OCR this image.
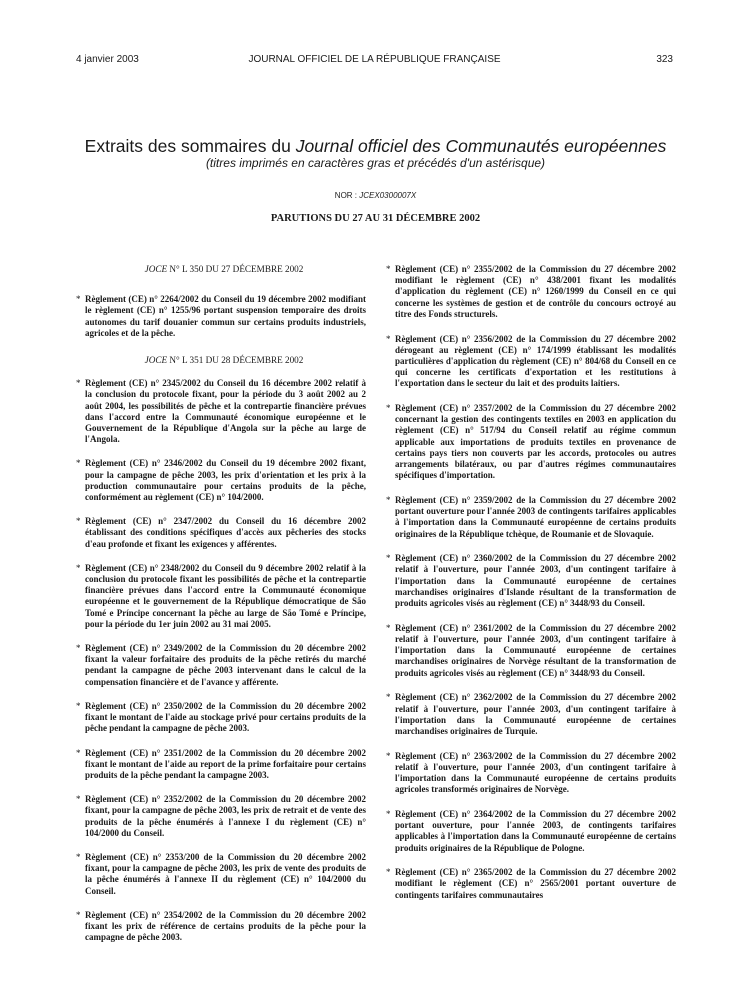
4 janvier 2003	JOURNAL OFFICIEL DE LA RÉPUBLIQUE FRANÇAISE	323
Extraits des sommaires du Journal officiel des Communautés européennes
(titres imprimés en caractères gras et précédés d'un astérisque)
NOR : JCEX0300007X
PARUTIONS DU 27 AU 31 DÉCEMBRE 2002
JOCE N° L 350 DU 27 DÉCEMBRE 2002
* Règlement (CE) n° 2264/2002 du Conseil du 19 décembre 2002 modifiant le règlement (CE) n° 1255/96 portant suspension temporaire des droits autonomes du tarif douanier commun sur certains produits industriels, agricoles et de la pêche.
JOCE N° L 351 DU 28 DÉCEMBRE 2002
* Règlement (CE) n° 2345/2002 du Conseil du 16 décembre 2002 relatif à la conclusion du protocole fixant, pour la période du 3 août 2002 au 2 août 2004, les possibilités de pêche et la contrepartie financière prévues dans l'accord entre la Communauté économique européenne et le Gouvernement de la République d'Angola sur la pêche au large de l'Angola.
* Règlement (CE) n° 2346/2002 du Conseil du 19 décembre 2002 fixant, pour la campagne de pêche 2003, les prix d'orientation et les prix à la production communautaire pour certains produits de la pêche, conformément au règlement (CE) n° 104/2000.
* Règlement (CE) n° 2347/2002 du Conseil du 16 décembre 2002 établissant des conditions spécifiques d'accès aux pêcheries des stocks d'eau profonde et fixant les exigences y afférentes.
* Règlement (CE) n° 2348/2002 du Conseil du 9 décembre 2002 relatif à la conclusion du protocole fixant les possibilités de pêche et la contrepartie financière prévues dans l'accord entre la Communauté économique européenne et le gouvernement de la République démocratique de São Tomé e Príncipe concernant la pêche au large de São Tomé e Príncipe, pour la période du 1er juin 2002 au 31 mai 2005.
* Règlement (CE) n° 2349/2002 de la Commission du 20 décembre 2002 fixant la valeur forfaitaire des produits de la pêche retirés du marché pendant la campagne de pêche 2003 intervenant dans le calcul de la compensation financière et de l'avance y afférente.
* Règlement (CE) n° 2350/2002 de la Commission du 20 décembre 2002 fixant le montant de l'aide au stockage privé pour certains produits de la pêche pendant la campagne de pêche 2003.
* Règlement (CE) n° 2351/2002 de la Commission du 20 décembre 2002 fixant le montant de l'aide au report de la prime forfaitaire pour certains produits de la pêche pendant la campagne 2003.
* Règlement (CE) n° 2352/2002 de la Commission du 20 décembre 2002 fixant, pour la campagne de pêche 2003, les prix de retrait et de vente des produits de la pêche énumérés à l'annexe I du règlement (CE) n° 104/2000 du Conseil.
* Règlement (CE) n° 2353/200 de la Commission du 20 décembre 2002 fixant, pour la campagne de pêche 2003, les prix de vente des produits de la pêche énumérés à l'annexe II du règlement (CE) n° 104/2000 du Conseil.
* Règlement (CE) n° 2354/2002 de la Commission du 20 décembre 2002 fixant les prix de référence de certains produits de la pêche pour la campagne de pêche 2003.
* Règlement (CE) n° 2355/2002 de la Commission du 27 décembre 2002 modifiant le règlement (CE) n° 438/2001 fixant les modalités d'application du règlement (CE) n° 1260/1999 du Conseil en ce qui concerne les systèmes de gestion et de contrôle du concours octroyé au titre des Fonds structurels.
* Règlement (CE) n° 2356/2002 de la Commission du 27 décembre 2002 dérogeant au règlement (CE) n° 174/1999 établissant les modalités particulières d'application du règlement (CE) n° 804/68 du Conseil en ce qui concerne les certificats d'exportation et les restitutions à l'exportation dans le secteur du lait et des produits laitiers.
* Règlement (CE) n° 2357/2002 de la Commission du 27 décembre 2002 concernant la gestion des contingents textiles en 2003 en application du règlement (CE) n° 517/94 du Conseil relatif au régime commun applicable aux importations de produits textiles en provenance de certains pays tiers non couverts par les accords, protocoles ou autres arrangements bilatéraux, ou par d'autres régimes communautaires spécifiques d'importation.
* Règlement (CE) n° 2359/2002 de la Commission du 27 décembre 2002 portant ouverture pour l'année 2003 de contingents tarifaires applicables à l'importation dans la Communauté européenne de certains produits originaires de la République tchèque, de Roumanie et de Slovaquie.
* Règlement (CE) n° 2360/2002 de la Commission du 27 décembre 2002 relatif à l'ouverture, pour l'année 2003, d'un contingent tarifaire à l'importation dans la Communauté européenne de certaines marchandises originaires d'Islande résultant de la transformation de produits agricoles visés au règlement (CE) n° 3448/93 du Conseil.
* Règlement (CE) n° 2361/2002 de la Commission du 27 décembre 2002 relatif à l'ouverture, pour l'année 2003, d'un contingent tarifaire à l'importation dans la Communauté européenne de certaines marchandises originaires de Norvège résultant de la transformation de produits agricoles visés au règlement (CE) n° 3448/93 du Conseil.
* Règlement (CE) n° 2362/2002 de la Commission du 27 décembre 2002 relatif à l'ouverture, pour l'année 2003, d'un contingent tarifaire à l'importation dans la Communauté européenne de certaines marchandises originaires de Turquie.
* Règlement (CE) n° 2363/2002 de la Commission du 27 décembre 2002 relatif à l'ouverture, pour l'année 2003, d'un contingent tarifaire à l'importation dans la Communauté européenne de certains produits agricoles transformés originaires de Norvège.
* Règlement (CE) n° 2364/2002 de la Commission du 27 décembre 2002 portant ouverture, pour l'année 2003, de contingents tarifaires applicables à l'importation dans la Communauté européenne de certains produits originaires de la République de Pologne.
* Règlement (CE) n° 2365/2002 de la Commission du 27 décembre 2002 modifiant le règlement (CE) n° 2565/2001 portant ouverture de contingents tarifaires communautaires
